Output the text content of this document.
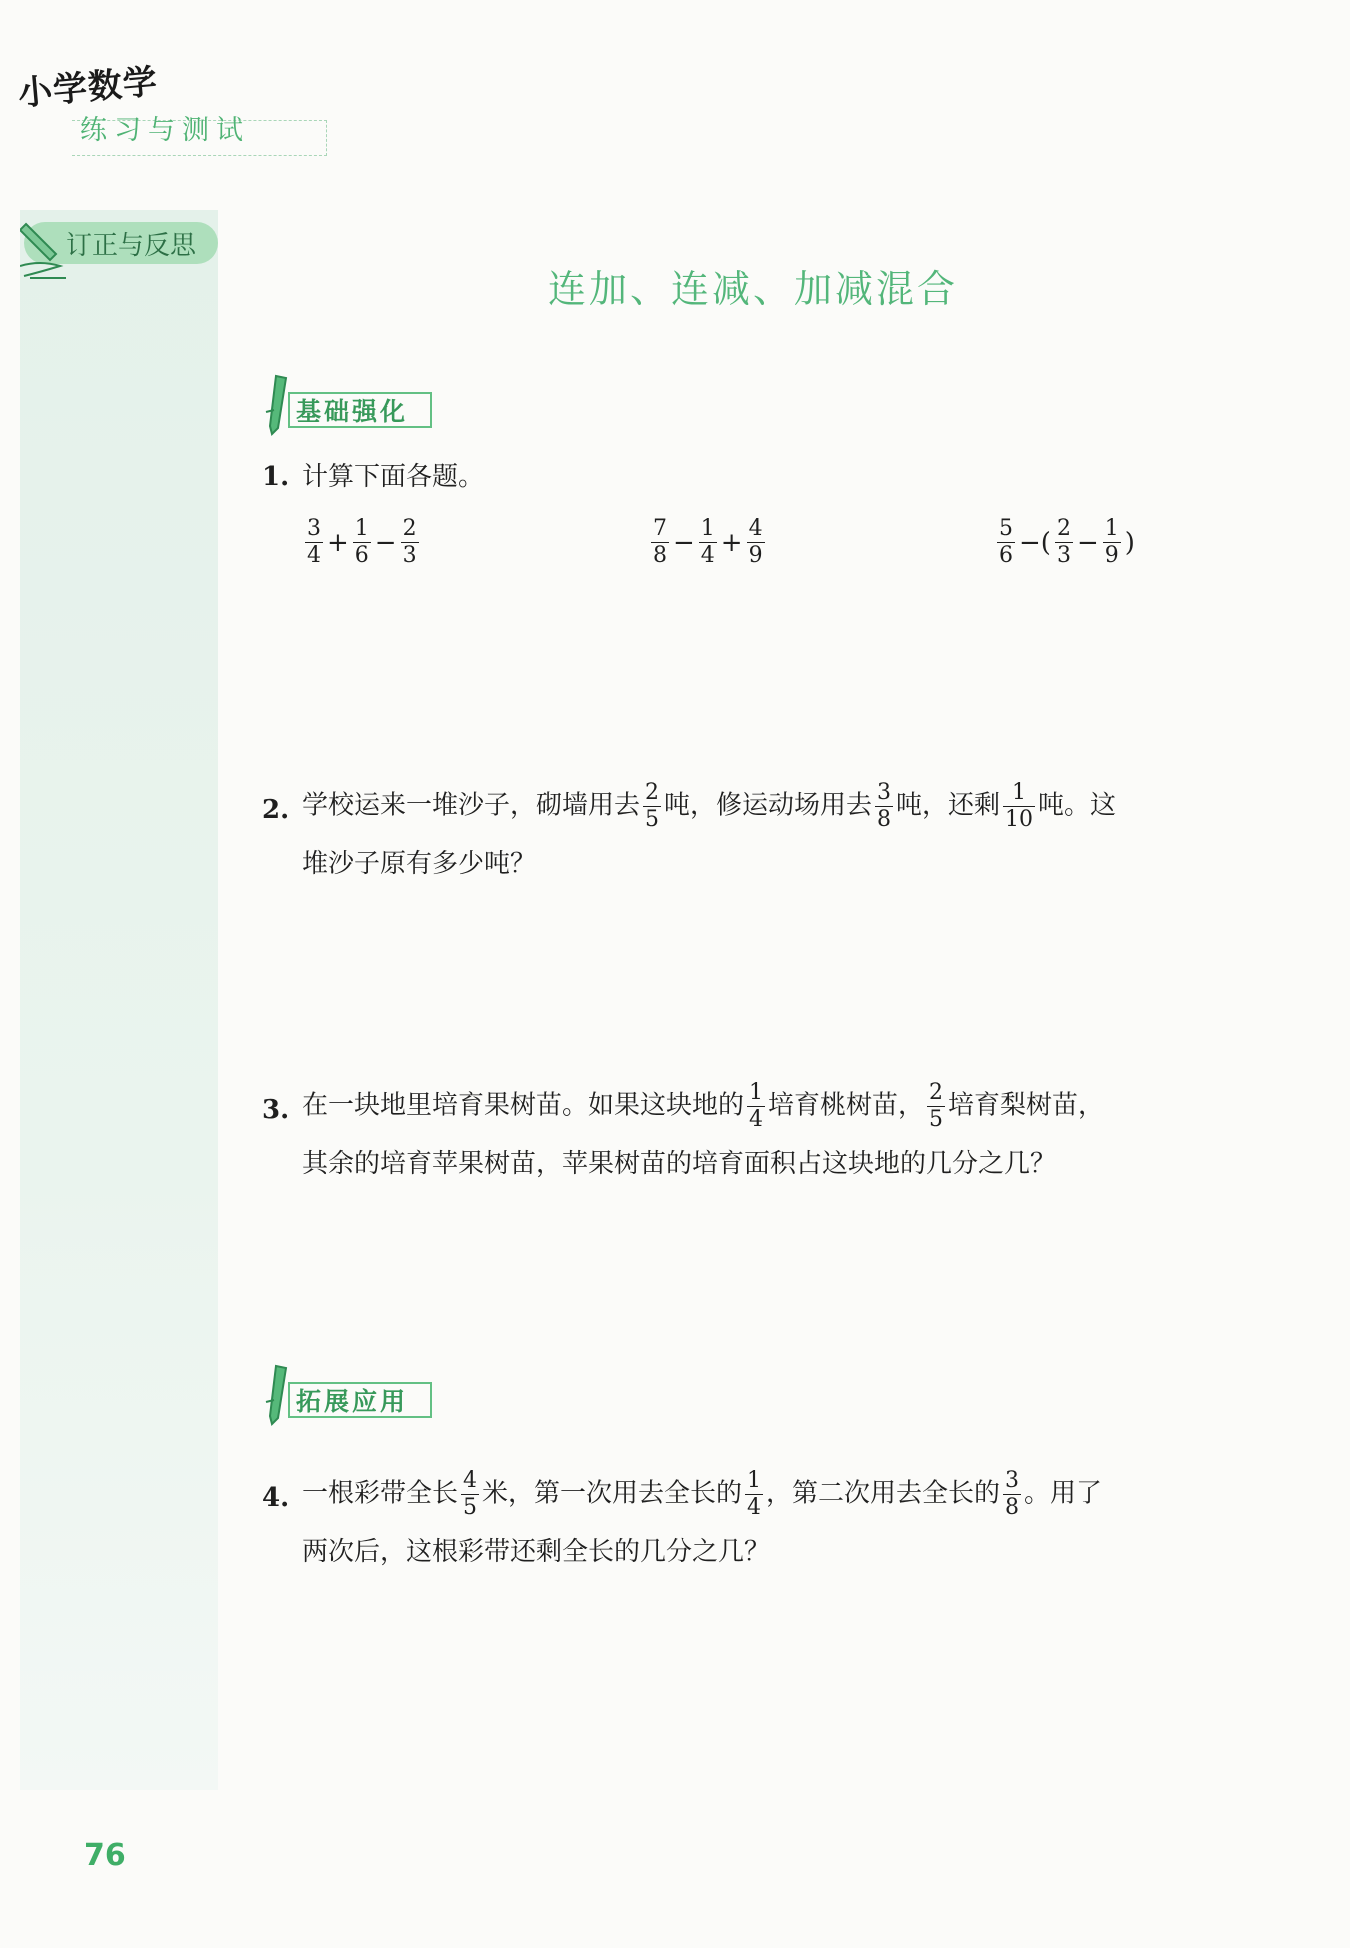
小学数学
练习与测试
订正与反思
连加、连减、加减混合
基础强化
1. 计算下面各题。
$\frac{3}{4} + \frac{1}{6} - \frac{2}{3}$	$\frac{7}{8} - \frac{1}{4} + \frac{4}{9}$	$\frac{5}{6}$ −( $\frac{2}{3} - \frac{1}{9}$ )
2. 学校运来一堆沙子，砌墙用去 $\frac{2}{5}$ 吨，修运动场用去 $\frac{3}{8}$ 吨，还剩 $\frac{1}{10}$ 吨。这
堆沙子原有多少吨？
3. 在一块地里培育果树苗。如果这块地的 $\frac{1}{4}$ 培育桃树苗， $\frac{2}{5}$ 培育梨树苗，
其余的培育苹果树苗，苹果树苗的培育面积占这块地的几分之几？
拓展应用
4. 一根彩带全长 $\frac{4}{5}$ 米，第一次用去全长的 $\frac{1}{4}$ ，第二次用去全长的 $\frac{3}{8}$ 。用了
两次后，这根彩带还剩全长的几分之几？
76
